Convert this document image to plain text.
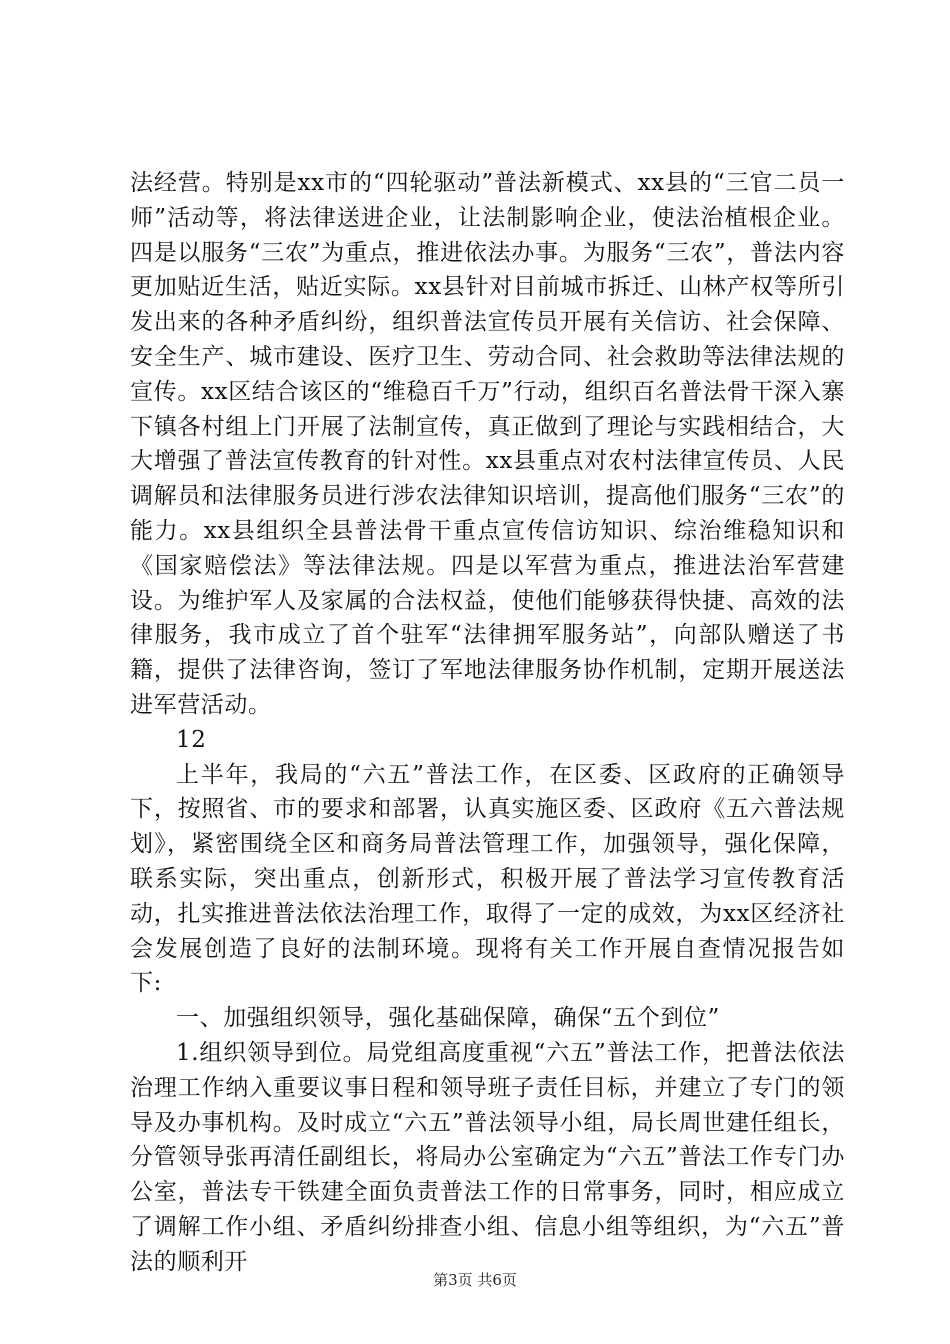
法经营。特别是xx市的“四轮驱动”普法新模式、xx县的“三官二员一师”活动等，将法律送进企业，让法制影响企业，使法治植根企业。四是以服务“三农”为重点，推进依法办事。为服务“三农”，普法内容更加贴近生活，贴近实际。xx县针对目前城市拆迁、山林产权等所引发出来的各种矛盾纠纷，组织普法宣传员开展有关信访、社会保障、安全生产、城市建设、医疗卫生、劳动合同、社会救助等法律法规的宣传。xx区结合该区的“维稳百千万”行动，组织百名普法骨干深入寨下镇各村组上门开展了法制宣传，真正做到了理论与实践相结合，大大增强了普法宣传教育的针对性。xx县重点对农村法律宣传员、人民调解员和法律服务员进行涉农法律知识培训，提高他们服务“三农”的能力。xx县组织全县普法骨干重点宣传信访知识、综治维稳知识和《国家赔偿法》等法律法规。四是以军营为重点，推进法治军营建设。为维护军人及家属的合法权益，使他们能够获得快捷、高效的法律服务，我市成立了首个驻军“法律拥军服务站”，向部队赠送了书籍，提供了法律咨询，签订了军地法律服务协作机制，定期开展送法进军营活动。

12

上半年，我局的“六五”普法工作，在区委、区政府的正确领导下，按照省、市的要求和部署，认真实施区委、区政府《五六普法规划》，紧密围绕全区和商务局普法管理工作，加强领导，强化保障，联系实际，突出重点，创新形式，积极开展了普法学习宣传教育活动，扎实推进普法依法治理工作，取得了一定的成效，为xx区经济社会发展创造了良好的法制环境。现将有关工作开展自查情况报告如下:

一、加强组织领导，强化基础保障，确保“五个到位”

1.组织领导到位。局党组高度重视“六五”普法工作，把普法依法治理工作纳入重要议事日程和领导班子责任目标，并建立了专门的领导及办事机构。及时成立“六五”普法领导小组，局长周世建任组长，分管领导张再清任副组长，将局办公室确定为“六五”普法工作专门办公室，普法专干铁建全面负责普法工作的日常事务，同时，相应成立了调解工作小组、矛盾纠纷排查小组、信息小组等组织，为“六五”普法的顺利开

第3页 共6页
